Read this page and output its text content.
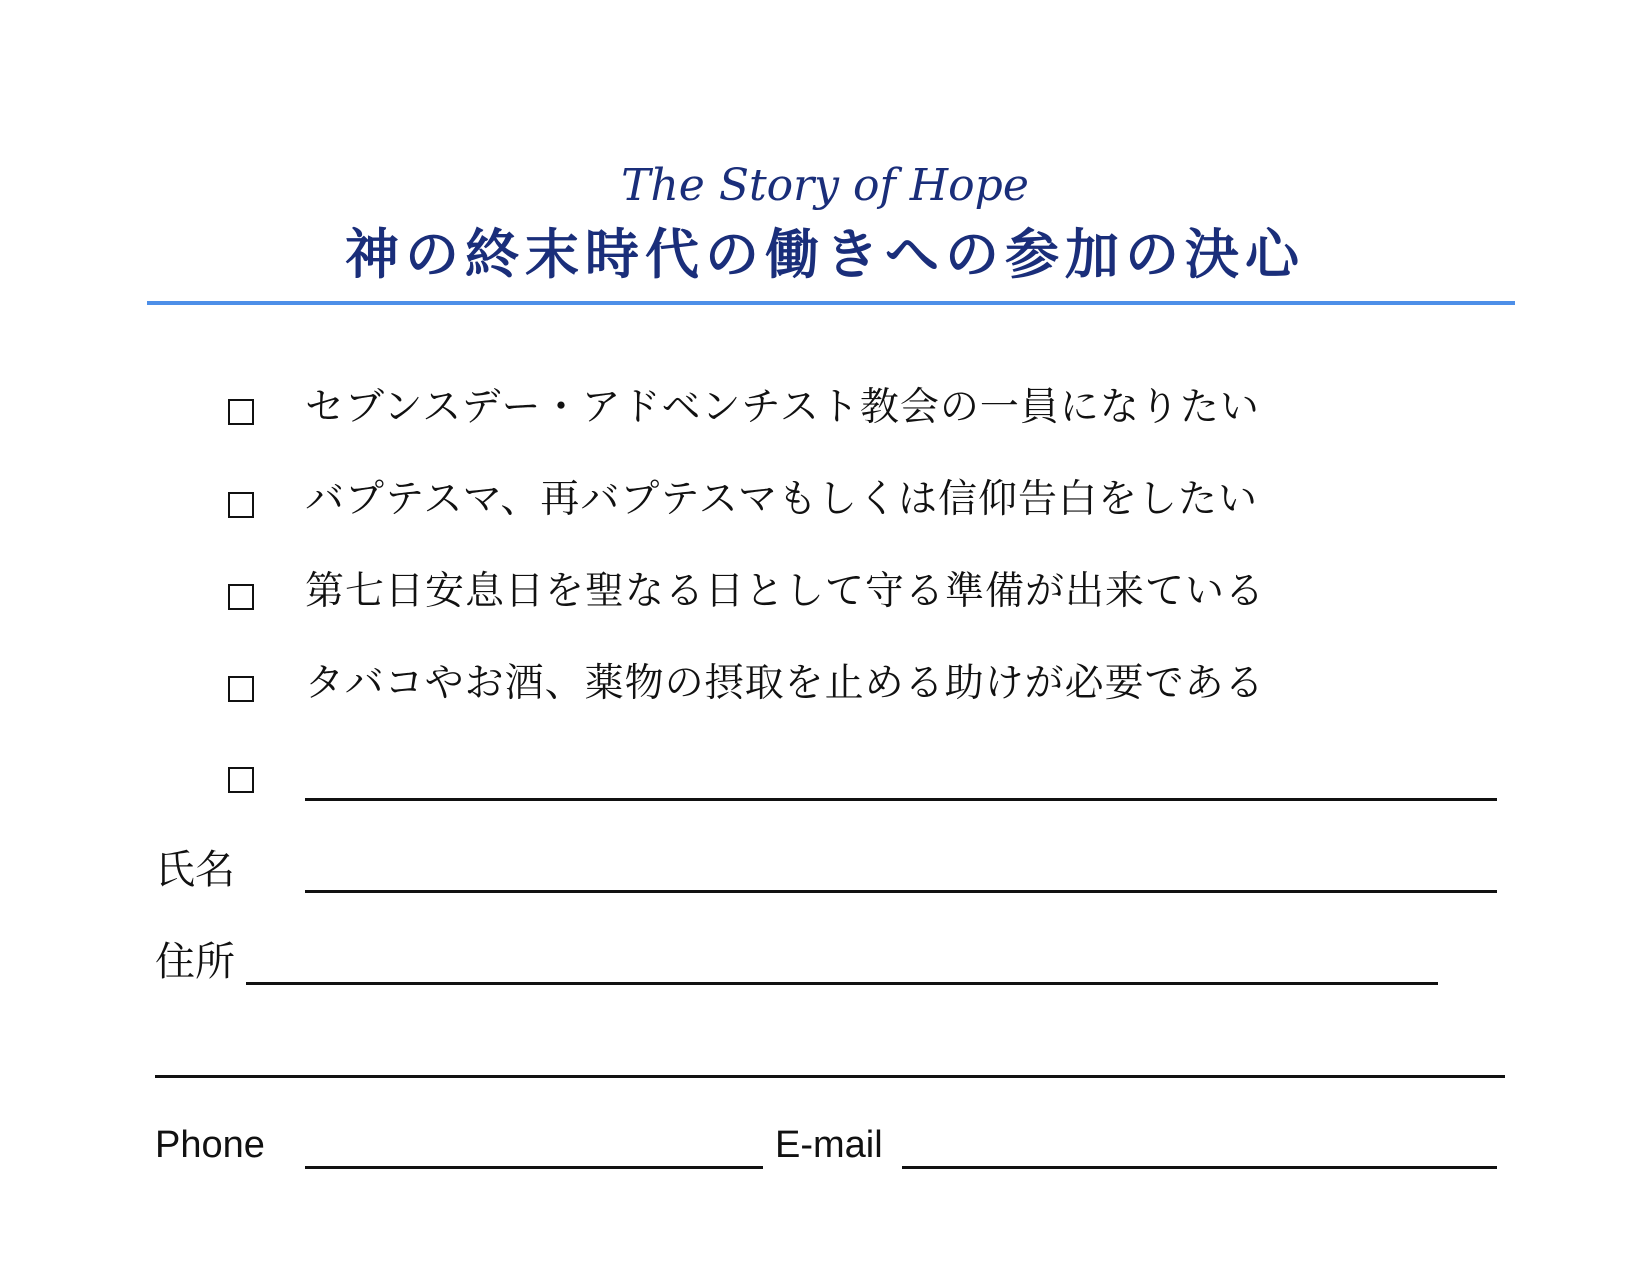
The Story of Hope
神の終末時代の働きへの参加の決心
セブンスデー・アドベンチスト教会の一員になりたい
バプテスマ、再バプテスマもしくは信仰告白をしたい
第七日安息日を聖なる日として守る準備が出来ている
タバコやお酒、薬物の摂取を止める助けが必要である
氏名
住所
Phone	E-mail
